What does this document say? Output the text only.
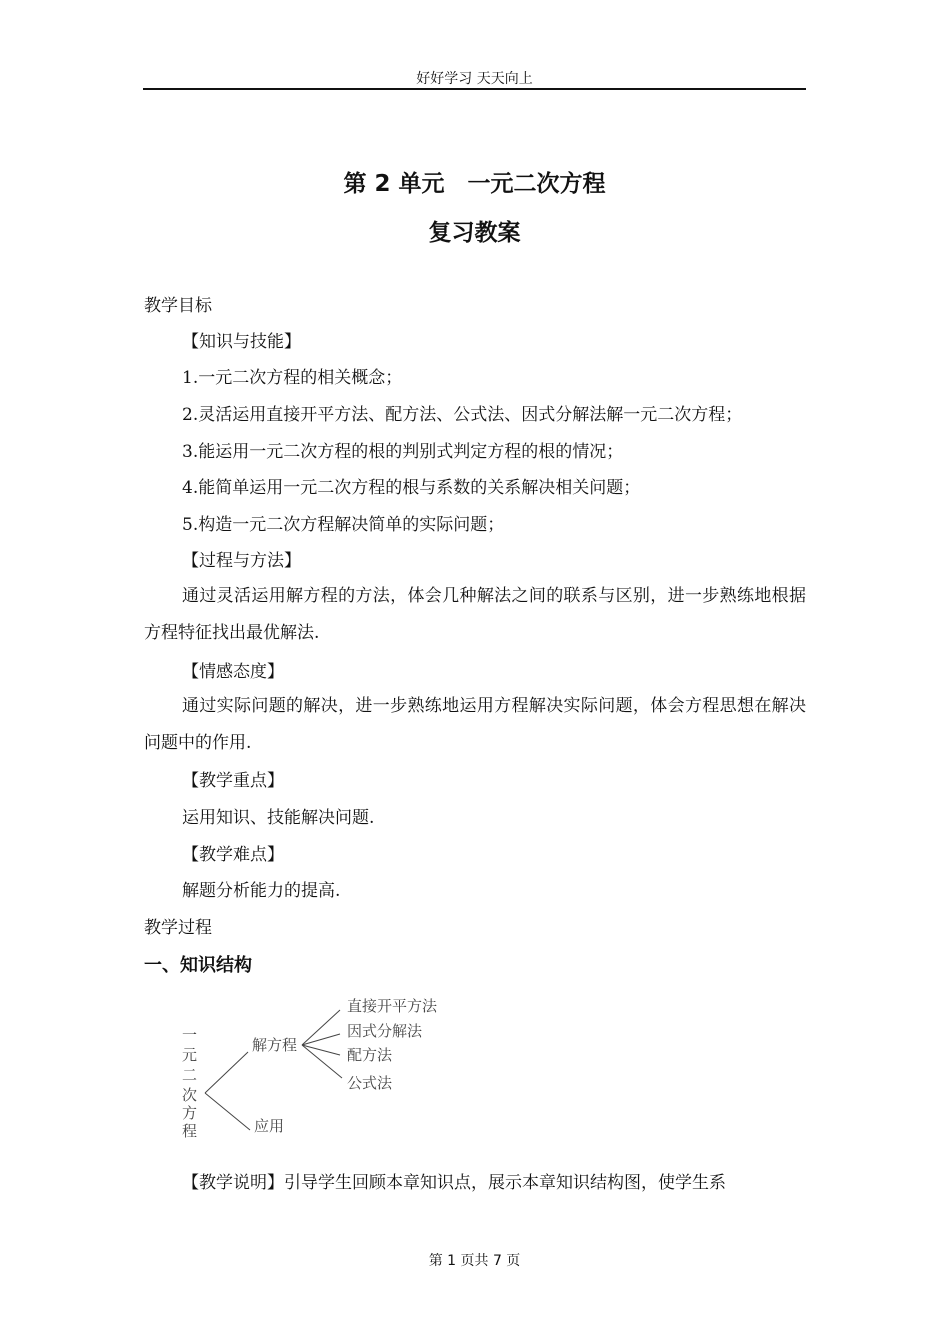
好好学习 天天向上
第 2 单元　一元二次方程
复习教案
教学目标
【知识与技能】
1.一元二次方程的相关概念；
2.灵活运用直接开平方法、配方法、公式法、因式分解法解一元二次方程；
3.能运用一元二次方程的根的判别式判定方程的根的情况；
4.能简单运用一元二次方程的根与系数的关系解决相关问题；
5.构造一元二次方程解决简单的实际问题；
【过程与方法】
通过灵活运用解方程的方法，体会几种解法之间的联系与区别，进一步熟练地根据方程特征找出最优解法.
【情感态度】
通过实际问题的解决，进一步熟练地运用方程解决实际问题，体会方程思想在解决问题中的作用.
【教学重点】
运用知识、技能解决问题.
【教学难点】
解题分析能力的提高.
教学过程
一、知识结构
一
元
二
次
方
程
解方程
应用
直接开平方法
因式分解法
配方法
公式法
【教学说明】引导学生回顾本章知识点，展示本章知识结构图，使学生系
第 1 页共 7 页
